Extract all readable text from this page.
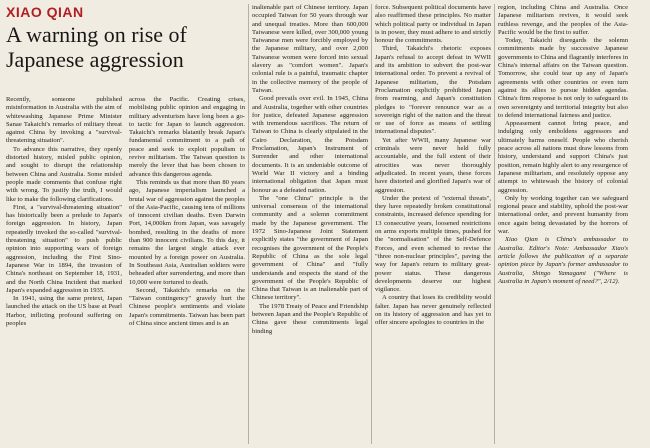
XIAO QIAN
A warning on rise of Japanese aggression

Recently, someone published misinformation in Australia with the aim of whitewashing Japanese Prime Minister Sanae Takaichi's remarks of military threat against China by invoking a "survival-threatening situation".

To advance this narrative, they openly distorted history, misled public opinion, and sought to disrupt the relationship between China and Australia. Some misled people made comments that confuse right with wrong. To justify the truth, I would like to make the following clarifications.

First, a "survival-threatening situation" has historically been a prelude to Japan's foreign aggression. In history, Japan repeatedly invoked the so-called "survival-threatening situation" to push public opinion into supporting wars of foreign aggression, including the First Sino-Japanese War in 1894, the invasion of China's northeast on September 18, 1931, and the North China Incident that marked Japan's expanded aggression in 1935.

In 1941, using the same pretext, Japan launched the attack on the US base at Pearl Harbor, inflicting profound suffering on peoples

across the Pacific. Creating crises, mobilising public opinion and engaging in military adventurism have long been a go-to tactic for Japan to launch aggression. Takaichi's remarks blatantly break Japan's fundamental commitment to a path of peace and seek to exploit populism to revive militarism. The Taiwan question is merely the lever that has been chosen to advance this dangerous agenda.

This reminds us that more than 80 years ago, Japanese imperialism launched a brutal war of aggression against the peoples of the Asia-Pacific, causing tens of millions of innocent civilian deaths. Even Darwin Port, 14,000km from Japan, was savagely bombed, resulting in the deaths of more than 900 innocent civilians. To this day, it remains the largest single attack ever mounted by a foreign power on Australia. In Southeast Asia, Australian soldiers were beheaded after surrendering, and more than 10,000 were tortured to death.

Second, Takaichi's remarks on the "Taiwan contingency" gravely hurt the Chinese people's sentiments and violate Japan's commitments. Taiwan has been part of China since ancient times and is an

inalienable part of Chinese territory. Japan occupied Taiwan for 50 years through war and unequal treaties. More than 600,000 Taiwanese were killed, over 300,000 young Taiwanese men were forcibly employed by the Japanese military, and over 2,000 Taiwanese women were forced into sexual slavery as "comfort women". Japan's colonial rule is a painful, traumatic chapter in the collective memory of the people of Taiwan.

Good prevails over evil. In 1945, China and Australia, together with other countries for justice, defeated Japanese aggression with tremendous sacrifices. The return of Taiwan to China is clearly stipulated in the Cairo Declaration, the Potsdam Proclamation, Japan's Instrument of Surrender and other international documents. It is an undeniable outcome of World War II victory and a binding international obligation that Japan must honour as a defeated nation.

The "one China" principle is the universal consensus of the international community and a solemn commitment made by the Japanese government. The 1972 Sino-Japanese Joint Statement explicitly states "the government of Japan recognises the government of the People's Republic of China as the sole legal government of China" and "fully understands and respects the stand of the government of the People's Republic of China that Taiwan is an inalienable part of Chinese territory".

The 1978 Treaty of Peace and Friendship between Japan and the People's Republic of China gave these commitments legal binding

force. Subsequent political documents have also reaffirmed these principles. No matter which political party or individual in Japan is in power, they must adhere to and strictly honour the commitments.

Third, Takaichi's rhetoric exposes Japan's refusal to accept defeat in WWII and its ambition to subvert the post-war international order. To prevent a revival of Japanese militarism, the Potsdam Proclamation explicitly prohibited Japan from rearming, and Japan's constitution pledges to "forever renounce war as a sovereign right of the nation and the threat or use of force as means of settling international disputes".

Yet after WWII, many Japanese war criminals were never held fully accountable, and the full extent of their atrocities was never thoroughly adjudicated. In recent years, these forces have distorted and glorified Japan's war of aggression.

Under the pretext of "external threats", they have repeatedly broken constitutional constraints, increased defence spending for 13 consecutive years, loosened restrictions on arms exports multiple times, pushed for the "normalisation" of the Self-Defence Forces, and even schemed to revise the "three non-nuclear principles", paving the way for Japan's return to military great-power status. These dangerous developments deserve our highest vigilance.

A country that loses its credibility would falter. Japan has never genuinely reflected on its history of aggression and has yet to offer sincere apologies to countries in the

region, including China and Australia. Once Japanese militarism revives, it would seek ruthless revenge, and the peoples of the Asia-Pacific would be the first to suffer.

Today, Takaichi disregards the solemn commitments made by successive Japanese governments to China and flagrantly interferes in China's internal affairs on the Taiwan question. Tomorrow, she could tear up any of Japan's agreements with other countries or even turn against its allies to pursue hidden agendas. China's firm response is not only to safeguard its own sovereignty and territorial integrity but also to defend international fairness and justice.

Appeasement cannot bring peace, and indulging only emboldens aggressors and ultimately harms oneself. People who cherish peace across all nations must draw lessons from history, understand and support China's just position, remain highly alert to any resurgence of Japanese militarism, and resolutely oppose any attempt to whitewash the history of colonial aggression.

Only by working together can we safeguard regional peace and stability, uphold the post-war international order, and prevent humanity from once again being devastated by the horrors of war.

Xiao Qian is China's ambassador to Australia. Editor's Note: Ambassador Xiao's article follows the publication of a separate opinion piece by Japan's former ambassador to Australia, Shingo Yamagami ("Where is Australia in Japan's moment of need?", 2/12).
